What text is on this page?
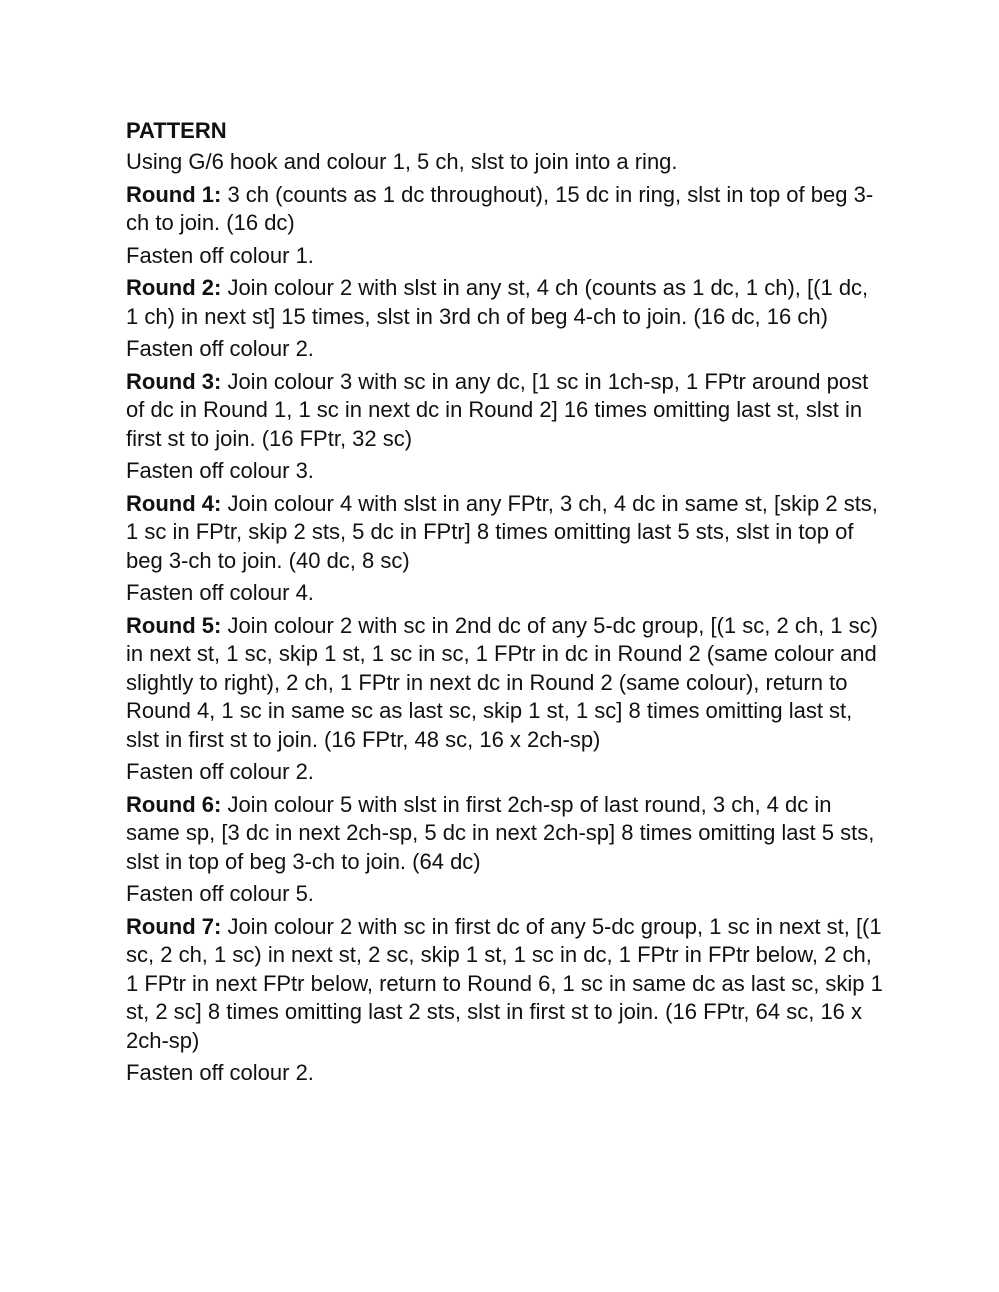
PATTERN

Using G/6 hook and colour 1, 5 ch, slst to join into a ring.

Round 1: 3 ch (counts as 1 dc throughout), 15 dc in ring, slst in top of beg 3-ch to join. (16 dc)

Fasten off colour 1.

Round 2: Join colour 2 with slst in any st, 4 ch (counts as 1 dc, 1 ch), [(1 dc, 1 ch) in next st] 15 times, slst in 3rd ch of beg 4-ch to join. (16 dc, 16 ch)

Fasten off colour 2.

Round 3: Join colour 3 with sc in any dc, [1 sc in 1ch-sp, 1 FPtr around post of dc in Round 1, 1 sc in next dc in Round 2] 16 times omitting last st, slst in first st to join. (16 FPtr, 32 sc)

Fasten off colour 3.

Round 4: Join colour 4 with slst in any FPtr, 3 ch, 4 dc in same st, [skip 2 sts, 1 sc in FPtr, skip 2 sts, 5 dc in FPtr] 8 times omitting last 5 sts, slst in top of beg 3-ch to join. (40 dc, 8 sc)

Fasten off colour 4.

Round 5: Join colour 2 with sc in 2nd dc of any 5-dc group, [(1 sc, 2 ch, 1 sc) in next st, 1 sc, skip 1 st, 1 sc in sc, 1 FPtr in dc in Round 2 (same colour and slightly to right), 2 ch, 1 FPtr in next dc in Round 2 (same colour), return to Round 4, 1 sc in same sc as last sc, skip 1 st, 1 sc] 8 times omitting last st, slst in first st to join. (16 FPtr, 48 sc, 16 x 2ch-sp)

Fasten off colour 2.

Round 6: Join colour 5 with slst in first 2ch-sp of last round, 3 ch, 4 dc in same sp, [3 dc in next 2ch-sp, 5 dc in next 2ch-sp] 8 times omitting last 5 sts, slst in top of beg 3-ch to join. (64 dc)

Fasten off colour 5.

Round 7: Join colour 2 with sc in first dc of any 5-dc group, 1 sc in next st, [(1 sc, 2 ch, 1 sc) in next st, 2 sc, skip 1 st, 1 sc in dc, 1 FPtr in FPtr below, 2 ch, 1 FPtr in next FPtr below, return to Round 6, 1 sc in same dc as last sc, skip 1 st, 2 sc] 8 times omitting last 2 sts, slst in first st to join. (16 FPtr, 64 sc, 16 x 2ch-sp)

Fasten off colour 2.
